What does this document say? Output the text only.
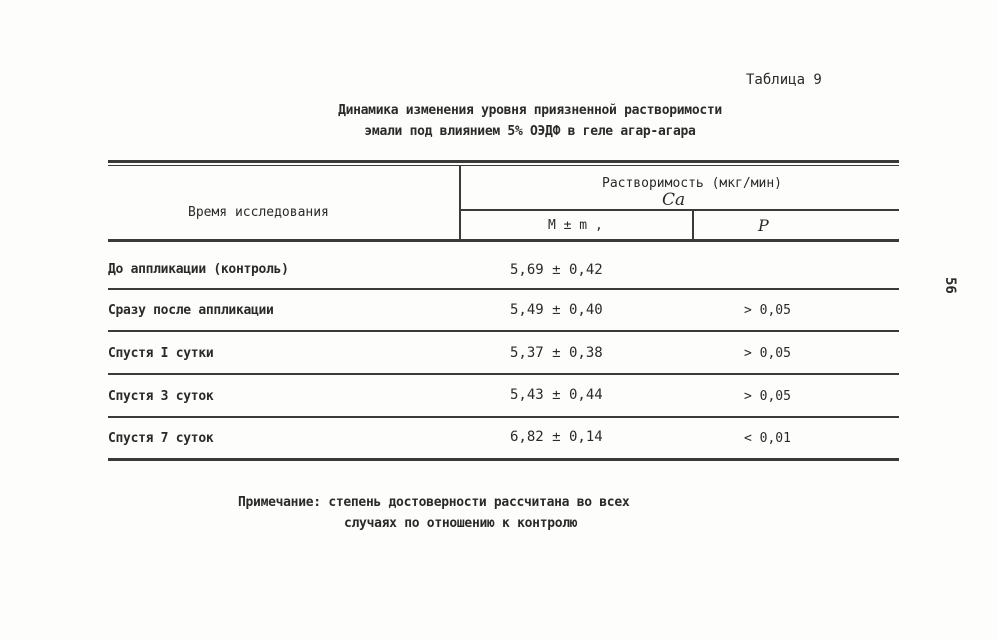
Таблица 9
Динамика изменения уровня приязненной растворимости
эмали под влиянием 5% ОЭДФ в геле агар-агара
Время исследования
Растворимость (мкг/мин)
Ca
M ± m ,	P
До аппликации (контроль)	5,69 ± 0,42
Сразу после аппликации	5,49 ± 0,40	> 0,05
Спустя I сутки	5,37 ± 0,38	> 0,05
Спустя 3 суток	5,43 ± 0,44	> 0,05
Спустя 7 суток	6,82 ± 0,14	< 0,01
Примечание: степень достоверности рассчитана во всех
случаях по отношению к контролю
56
